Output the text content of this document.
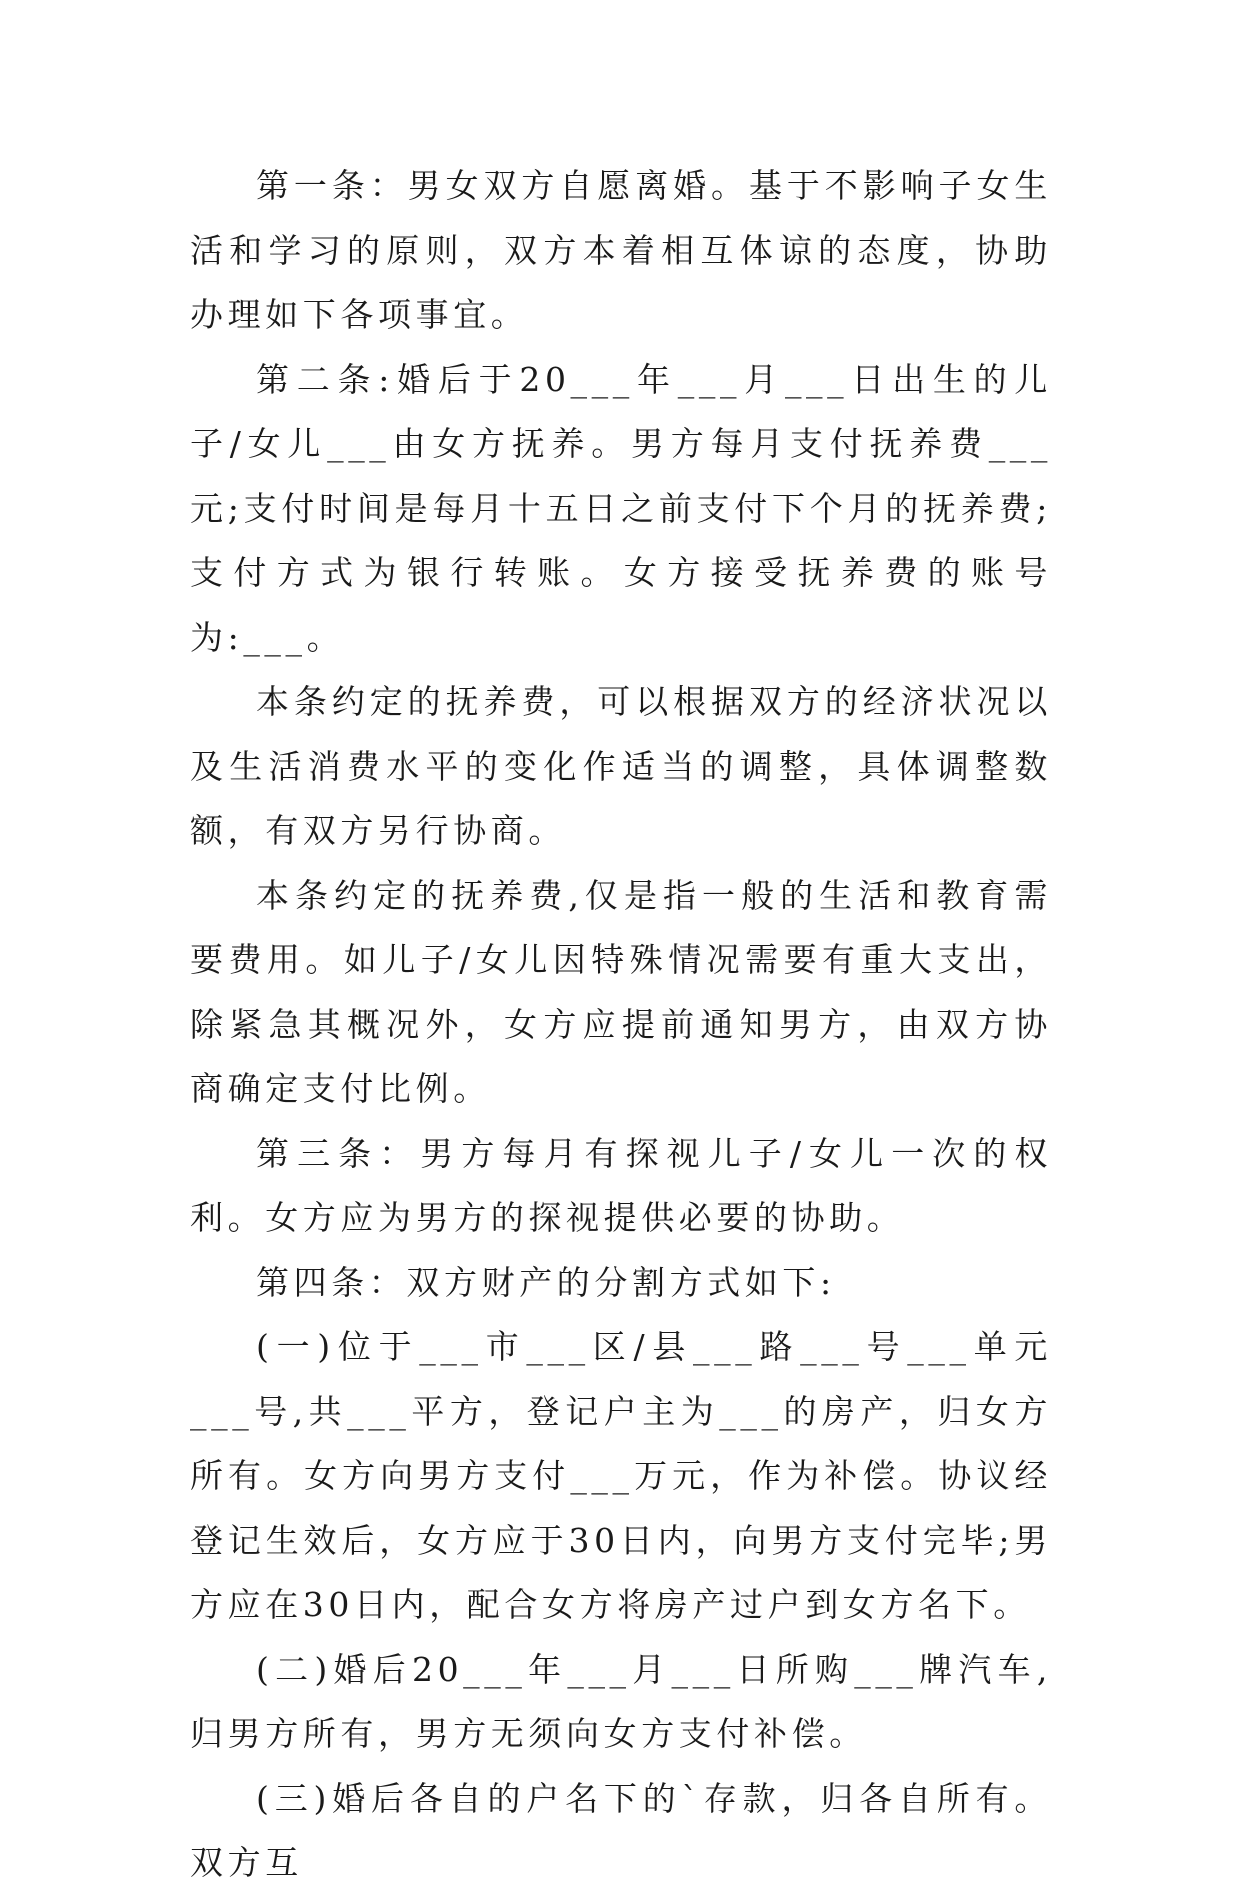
第一条：男女双方自愿离婚。基于不影响子女生活和学习的原则，双方本着相互体谅的态度，协助办理如下各项事宜。

第二条:婚后于20___年___月___日出生的儿子/女儿___由女方抚养。男方每月支付抚养费___元;支付时间是每月十五日之前支付下个月的抚养费;支付方式为银行转账。女方接受抚养费的账号为:___。

本条约定的抚养费，可以根据双方的经济状况以及生活消费水平的变化作适当的调整，具体调整数额，有双方另行协商。

本条约定的抚养费,仅是指一般的生活和教育需要费用。如儿子/女儿因特殊情况需要有重大支出，除紧急其概况外，女方应提前通知男方，由双方协商确定支付比例。

第三条：男方每月有探视儿子/女儿一次的权利。女方应为男方的探视提供必要的协助。

第四条：双方财产的分割方式如下:

(一)位于___市___区/县___路___号___单元___号,共___平方，登记户主为___的房产，归女方所有。女方向男方支付___万元，作为补偿。协议经登记生效后，女方应于30日内，向男方支付完毕;男方应在30日内，配合女方将房产过户到女方名下。

(二)婚后20___年___月___日所购___牌汽车,归男方所有，男方无须向女方支付补偿。

(三)婚后各自的户名下的`存款，归各自所有。双方互
